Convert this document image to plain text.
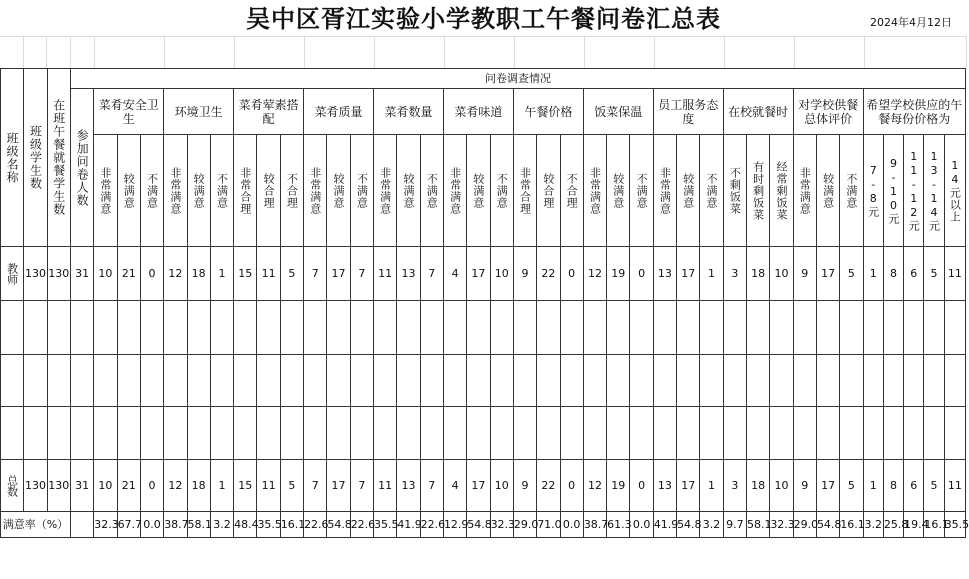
吴中区胥江实验小学教职工午餐问卷汇总表	2024年4月12日
班级名称	班级学生数	在班午餐就餐学生数	问卷调查情况																																						
			参加问卷人数	菜肴安全卫生			环境卫生			菜肴荤素搭配			菜肴质量			菜肴数量			菜肴味道			午餐价格			饭菜保温			员工服务态度			在校就餐时			对学校供餐总体评价			希望学校供应的午餐每份价格为				
				非常满意	较满意	不满意	非常满意	较满意	不满意	非常合理	较合理	不合理	非常满意	较满意	不满意	非常满意	较满意	不满意	非常满意	较满意	不满意	非常合理	较合理	不合理	非常满意	较满意	不满意	非常满意	较满意	不满意	不剩饭菜	有时剩饭菜	经常剩饭菜	非常满意	较满意	不满意	7-8元	9-10元	11-12元	13-14元	14元以上
教师	130	130	31	10	21	0	12	18	1	15	11	5	7	17	7	11	13	7	4	17	10	9	22	0	12	19	0	13	17	1	3	18	10	9	17	5	1	8	6	5	11

总数	130	130	31	10	21	0	12	18	1	15	11	5	7	17	7	11	13	7	4	17	10	9	22	0	12	19	0	13	17	1	3	18	10	9	17	5	1	8	6	5	11
满意率（%）				32.3	67.7	0.0	38.7	58.1	3.2	48.4	35.5	16.1	22.6	54.8	22.6	35.5	41.9	22.6	12.9	54.8	32.3	29.0	71.0	0.0	38.7	61.3	0.0	41.9	54.8	3.2	9.7	58.1	32.3	29.0	54.8	16.1	3.2	25.8	19.4	16.1	35.5
